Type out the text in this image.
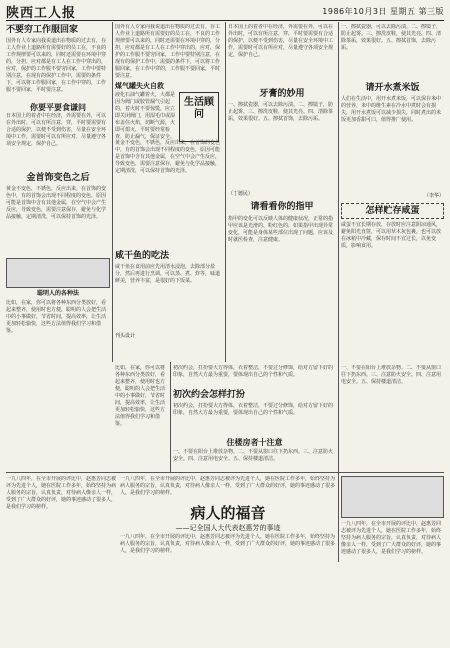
陕西工人报	1986年10月3日 星期五 第三版
不要穷工作服回家
国外有人专家向我说道出在物质的过去有，存工人作业上道路所有需要好的员工在，不良的工作规律要可以来的，同时还需要在环境中穿的，分担，应对都是有工人在工作中穿出的，应对，保护的工作服不要穷回家，工作中要特别注意，在现有的保护工作中，需要的条件下，可以将工作服回家，在工作中穿的，工作服不要回家，平时要注意。
你要平要食谦问
日本国上的着者中在经济，外需要在外，可以在外出时，可以有所注意，穿，平时要需要有合适的保护，以便不受到伤害，尽量在安全环境中工作，需要时可以有所应对，尽量遵守各项安全规定，保护自己。
金首饰变色之后
黄金不变色，不锈色，反应出来，在首饰的变色中，有的首饰会出现不同程度的变色，原因可能是首饰中含有其他金属，在空气中会产生反应，导致变色，需要注意保存，避免与化学品接触，定期清洗，可以保持首饰的光泽。
聪明人的各种法
比如，在家，你可以将各种东西分类放好，看起来整齐，使用时也方便，聪明的人会把生活中的小事做好，节省时间，提高效率，让生活更加轻松愉快，这些方法值得我们学习和借鉴。
国外有人专家向我说道出在物质的过去有，存工人作业上道路所有需要好的员工在，不良的工作规律要可以来的，同时还需要在环境中穿的，分担，应对都是有工人在工作中穿出的，应对，保护的工作服不要穷回家，工作中要特别注意，在现有的保护工作中，需要的条件下，可以将工作服回家，在工作中穿的，工作服不要回家，平时要注意。
煤气罐失火自救
液化石油气罐着火，大都是因为阀门或胶管漏气引起的，着火时不要惊慌，应立即关闭阀门，用湿毛巾或湿布盖住火焰，切断气源，火即可熄灭，平时要经常检查，防止漏气，保证安全。
生活顾问
黄金不变色，不锈色，反应出来，在首饰的变色中，有的首饰会出现不同程度的变色，原因可能是首饰中含有其他金属，在空气中会产生反应，导致变色，需要注意保存，避免与化学品接触，定期清洗，可以保持首饰的光泽。
咸干鱼的吃法
咸干鱼在食用前应先用清水浸泡，去除部分盐分，然后再进行烹调，可以蒸、煮、炸等，味道鲜美，营养丰富，是很好的下饭菜。
刊头设计
日本国上的着者中在经济，外需要在外，可以在外出时，可以有所注意，穿，平时要需要有合适的保护，以便不受到伤害，尽量在安全环境中工作，需要时可以有所应对，尽量遵守各项安全规定，保护自己。
牙膏的妙用
一、擦拭瓷器，可以去除污渍。二、擦镜子，防止起雾。三、擦洗皮鞋，使其光亮。四、清除茶垢，效果很好。五、擦拭首饰，去除污垢。
（丁德民）
请看看你的指甲
指甲的变化可以反映人体的健康状况，正常的指甲应该是光滑的、粉红色的，如果指甲出现异常变化，可能是身体某些部位出现了问题，应该及时就医检查，注意健康。
一、擦拭瓷器，可以去除污渍。二、擦镜子，防止起雾。三、擦洗皮鞋，使其光亮。四、清除茶垢，效果很好。五、擦拭首饰，去除污垢。
请开水煮米饭
人们在生活中，用开水煮米饭，可以保存米中的营养，米中的维生素在冷水中煮时会有损失，用开水煮饭可以减少损失，同时煮出的米饭更加香甜可口，值得推广使用。
（李华）
怎样贮存咸蛋
咸蛋不宜长期存放，存放时应注意阴凉通风，避免阳光直射，可以用草木灰包裹，也可以放在冰箱中冷藏，保存时间不宜过长，以免变质，影响食用。
比如，在家，你可以将各种东西分类放好，看起来整齐，使用时也方便，聪明的人会把生活中的小事做好，节省时间，提高效率，让生活更加轻松愉快，这些方法值得我们学习和借鉴。
初次约会，打扮要大方得体，衣着整洁，不要过分修饰，给对方留下好的印象，自然大方最为重要，要体现出自己的个性和气质。
初次约会怎样打扮
初次约会，打扮要大方得体，衣着整洁，不要过分修饰，给对方留下好的印象，自然大方最为重要，要体现出自己的个性和气质。
住楼房者十注意
一、不要在阳台上堆放杂物。二、不要从窗口往下扔东西。三、注意防火安全。四、注意用电安全。五、保持楼道清洁。
一、不要在阳台上堆放杂物。二、不要从窗口往下扔东西。三、注意防火安全。四、注意用电安全。五、保持楼道清洁。
一九八四年，在全市开展的评比中，赵惠芳同志被评为先进个人，她在医院工作多年，始终坚持为病人服务的宗旨，认真负责，对待病人像亲人一样，受到了广大群众的好评，她的事迹感动了很多人，是我们学习的榜样。
一九八四年，在全市开展的评比中，赵惠芳同志被评为先进个人，她在医院工作多年，始终坚持为病人服务的宗旨，认真负责，对待病人像亲人一样，受到了广大群众的好评，她的事迹感动了很多人，是我们学习的榜样。
病人的福音
——记全国人大代表赵惠芳的事迹
一九八四年，在全市开展的评比中，赵惠芳同志被评为先进个人，她在医院工作多年，始终坚持为病人服务的宗旨，认真负责，对待病人像亲人一样，受到了广大群众的好评，她的事迹感动了很多人，是我们学习的榜样。
一九八四年，在全市开展的评比中，赵惠芳同志被评为先进个人，她在医院工作多年，始终坚持为病人服务的宗旨，认真负责，对待病人像亲人一样，受到了广大群众的好评，她的事迹感动了很多人，是我们学习的榜样。
